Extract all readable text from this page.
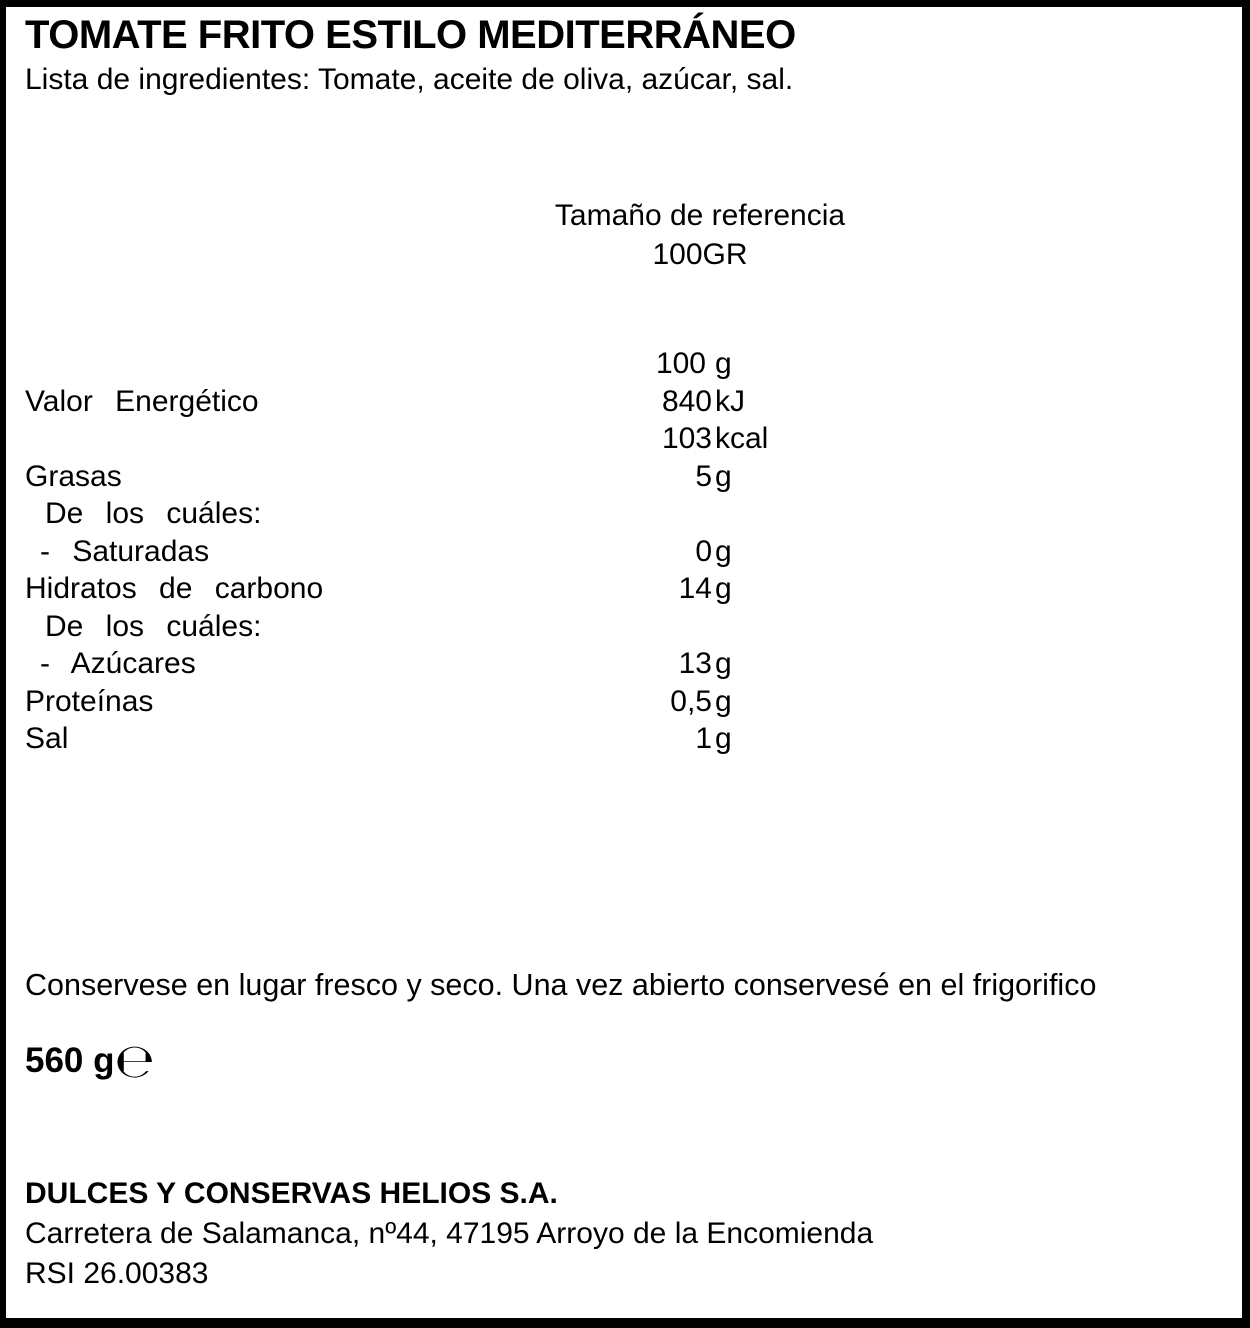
TOMATE FRITO ESTILO MEDITERRÁNEO
Lista de ingredientes: Tomate, aceite de oliva, azúcar, sal.
Tamaño de referencia
100GR
100 g
Valor Energético	840 kJ
103 kcal
Grasas	5 g
De los cuáles:
- Saturadas	0 g
Hidratos de carbono	14 g
De los cuáles:
- Azúcares	13 g
Proteínas	0,5 g
Sal	1 g
Conservese en lugar fresco y seco. Una vez abierto conservesé en el frigorifico
560 g℮
DULCES Y CONSERVAS HELIOS S.A.
Carretera de Salamanca, nº44, 47195 Arroyo de la Encomienda
RSI 26.00383
